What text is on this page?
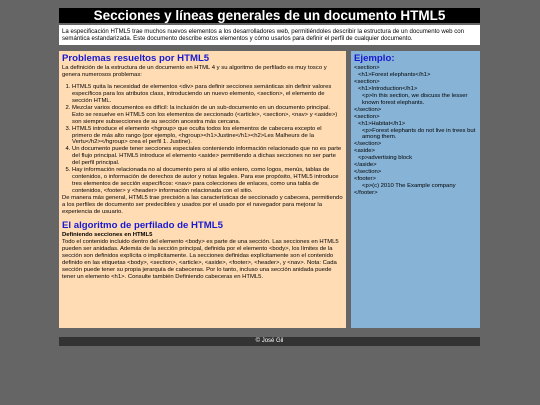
Secciones y líneas generales de un documento HTML5
La especificación HTML5 trae muchos nuevos elementos a los desarrolladores web, permitiéndoles describir la estructura de un documento web con semántica estandarizada. Este documento describe estos elementos y cómo usarlos para definir el perfil de cualquier documento.
Problemas resueltos por HTML5

La definición de la estructura de un documento en HTML 4 y su algoritmo de perfilado es muy tosco y genera numerosos problemas:

1. HTML5 quita la necesidad de elementos <div> para definir secciones semánticas sin definir valores específicos para los atributos class, introduciendo un nuevo elemento, <section>, el elemento de sección HTML.
2. Mezclar varios documentos es difícil: la inclusión de un sub-documento en un documento principal. Esto se resuelve en HTML5 con los elementos de seccionado (<article>, <section>, <nav> y <aside>) son siempre subsecciones de su sección ancestra más cercana.
3. HTML5 introduce el elemento <hgroup> que oculta todos los elementos de cabecera excepto el primero de más alto rango (por ejemplo, <hgroup><h1>Justine</h1><h2>Les Malheurs de la Vertu</h2></hgroup> crea el perfil 1. Justine).
4. Un documento puede tener secciones especiales conteniendo información relacionado que no es parte del flujo principal. HTML5 introduce el elemento <aside> permitiendo a dichas secciones no ser parte del perfil principal.
5. Hay información relacionada no al documento pero si al sitio entero, como logos, menús, tablas de contenidos, o información de derechos de autor y notas legales. Para ese propósito, HTML5 introduce tres elementos de sección específicos: <nav> para colecciones de enlaces, como una tabla de contenidos, <footer> y <header> información relacionada con el sitio.

De manera más general, HTML5 trae precisión a las características de seccionado y cabecera, permitiendo a los perfiles de documento ser predecibles y usados por el usado por el navegador para mejorar la experiencia de usuario.

El algoritmo de perfilado de HTML5

Definiendo secciones en HTML5

Todo el contenido incluido dentro del elemento <body> es parte de una sección. Las secciones en HTML5 pueden ser anidadas. Además de la sección principal, definida por el elemento <body>, los límites de la sección son definidos explícita o implícitamente. La secciones definidas explícitamente son el contenido definido en las etiquetas <body>, <section>, <article>, <aside>, <footer>, <header>, y <nav>. Nota: Cada sección puede tener su propia jerarquía de cabeceras. Por lo tanto, incluso una sección anidada puede tener un elemento <h1>. Consulte también Definiendo cabeceras en HTML5.

Ejemplo:
<section>
<h1>Forest elephants</h1>
<section>
<h1>Introduction</h1>
<p>In this section, we discuss the lesser known forest elephants.
</section>
<section>
<h1>Habitat</h1>
<p>Forest elephants do not live in trees but among them.
</section>
<aside>
<p>advertising block
</aside>
</section>
<footer>
<p>(c) 2010 The Example company
</footer>
© José Gil
